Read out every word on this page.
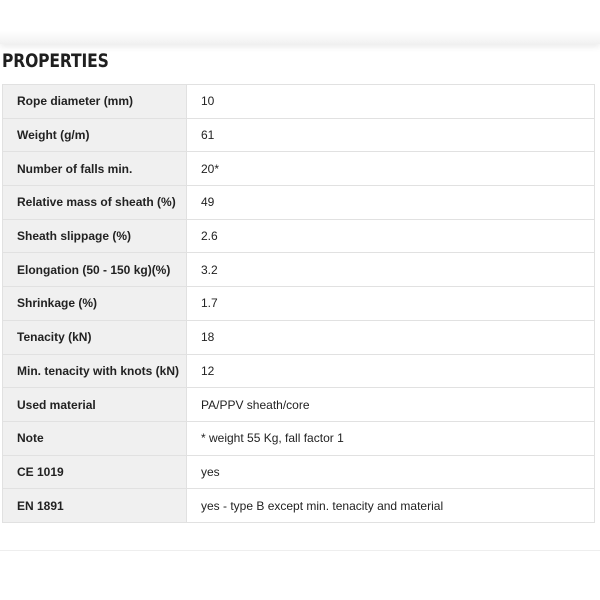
PROPERTIES
Rope diameter (mm)	10
Weight (g/m)	61
Number of falls min.	20*
Relative mass of sheath (%)	49
Sheath slippage (%)	2.6
Elongation (50 - 150 kg)(%)	3.2
Shrinkage (%)	1.7
Tenacity (kN)	18
Min. tenacity with knots (kN)	12
Used material	PA/PPV sheath/core
Note	* weight 55 Kg, fall factor 1
CE 1019	yes
EN 1891	yes - type B except min. tenacity and material
